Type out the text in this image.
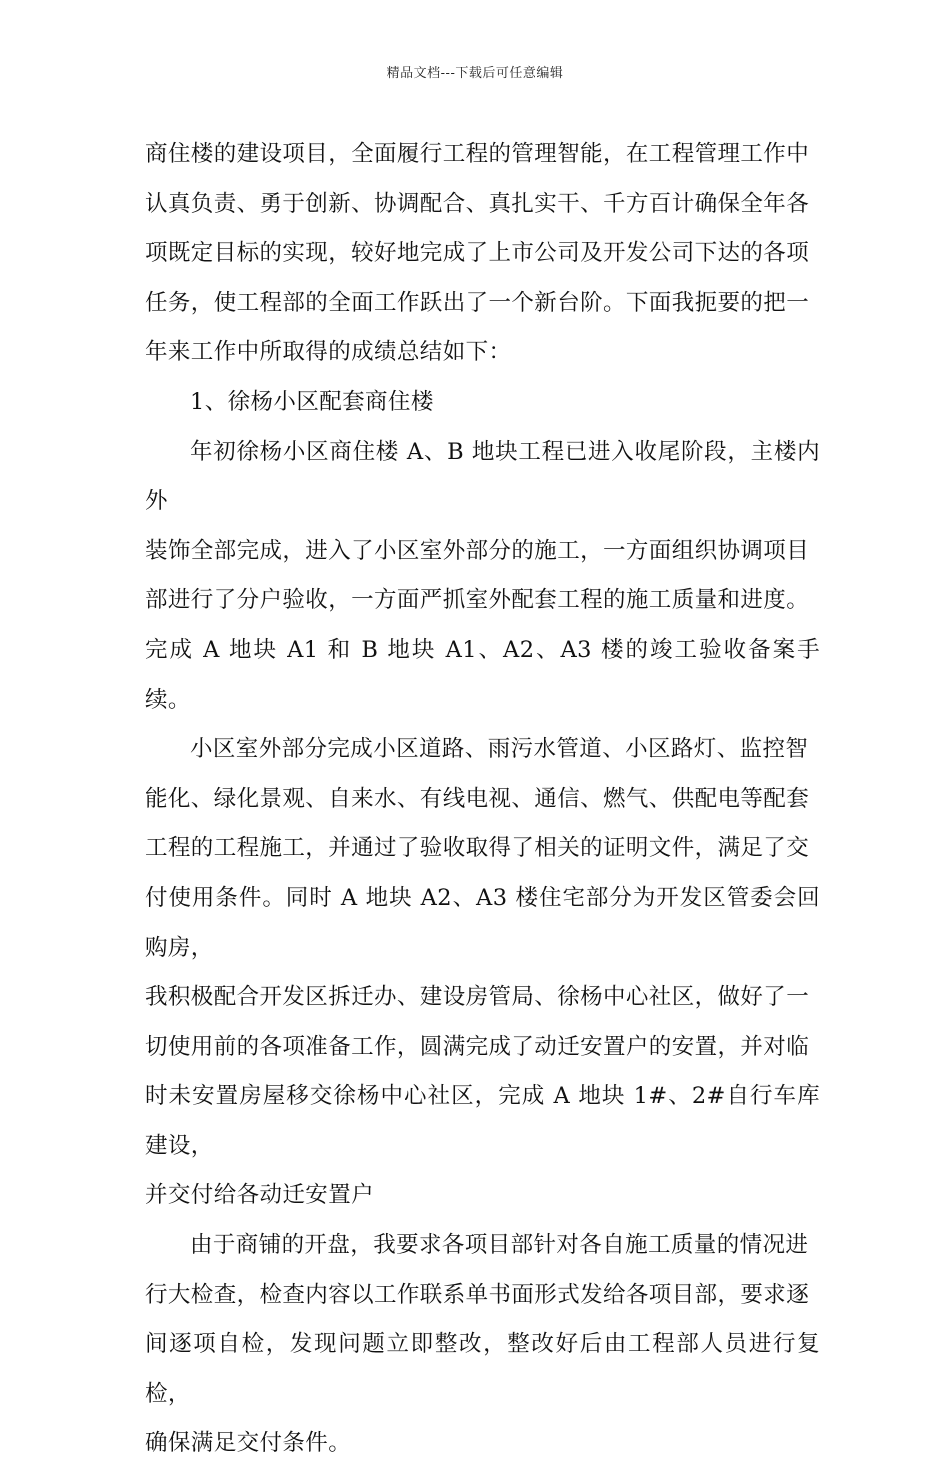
精品文档---下载后可任意编辑

商住楼的建设项目，全面履行工程的管理智能，在工程管理工作中
认真负责、勇于创新、协调配合、真扎实干、千方百计确保全年各
项既定目标的实现，较好地完成了上市公司及开发公司下达的各项
任务，使工程部的全面工作跃出了一个新台阶。下面我扼要的把一
年来工作中所取得的成绩总结如下：

1、徐杨小区配套商住楼

年初徐杨小区商住楼 A、B 地块工程已进入收尾阶段，主楼内外
装饰全部完成，进入了小区室外部分的施工，一方面组织协调项目
部进行了分户验收，一方面严抓室外配套工程的施工质量和进度。
完成 A 地块 A1 和 B 地块 A1、A2、A3 楼的竣工验收备案手续。

小区室外部分完成小区道路、雨污水管道、小区路灯、监控智
能化、绿化景观、自来水、有线电视、通信、燃气、供配电等配套
工程的工程施工，并通过了验收取得了相关的证明文件，满足了交
付使用条件。同时 A 地块 A2、A3 楼住宅部分为开发区管委会回购房，
我积极配合开发区拆迁办、建设房管局、徐杨中心社区，做好了一
切使用前的各项准备工作，圆满完成了动迁安置户的安置，并对临
时未安置房屋移交徐杨中心社区，完成 A 地块 1#、2#自行车库建设，
并交付给各动迁安置户

由于商铺的开盘，我要求各项目部针对各自施工质量的情况进
行大检查，检查内容以工作联系单书面形式发给各项目部，要求逐
间逐项自检，发现问题立即整改，整改好后由工程部人员进行复检，
确保满足交付条件。
